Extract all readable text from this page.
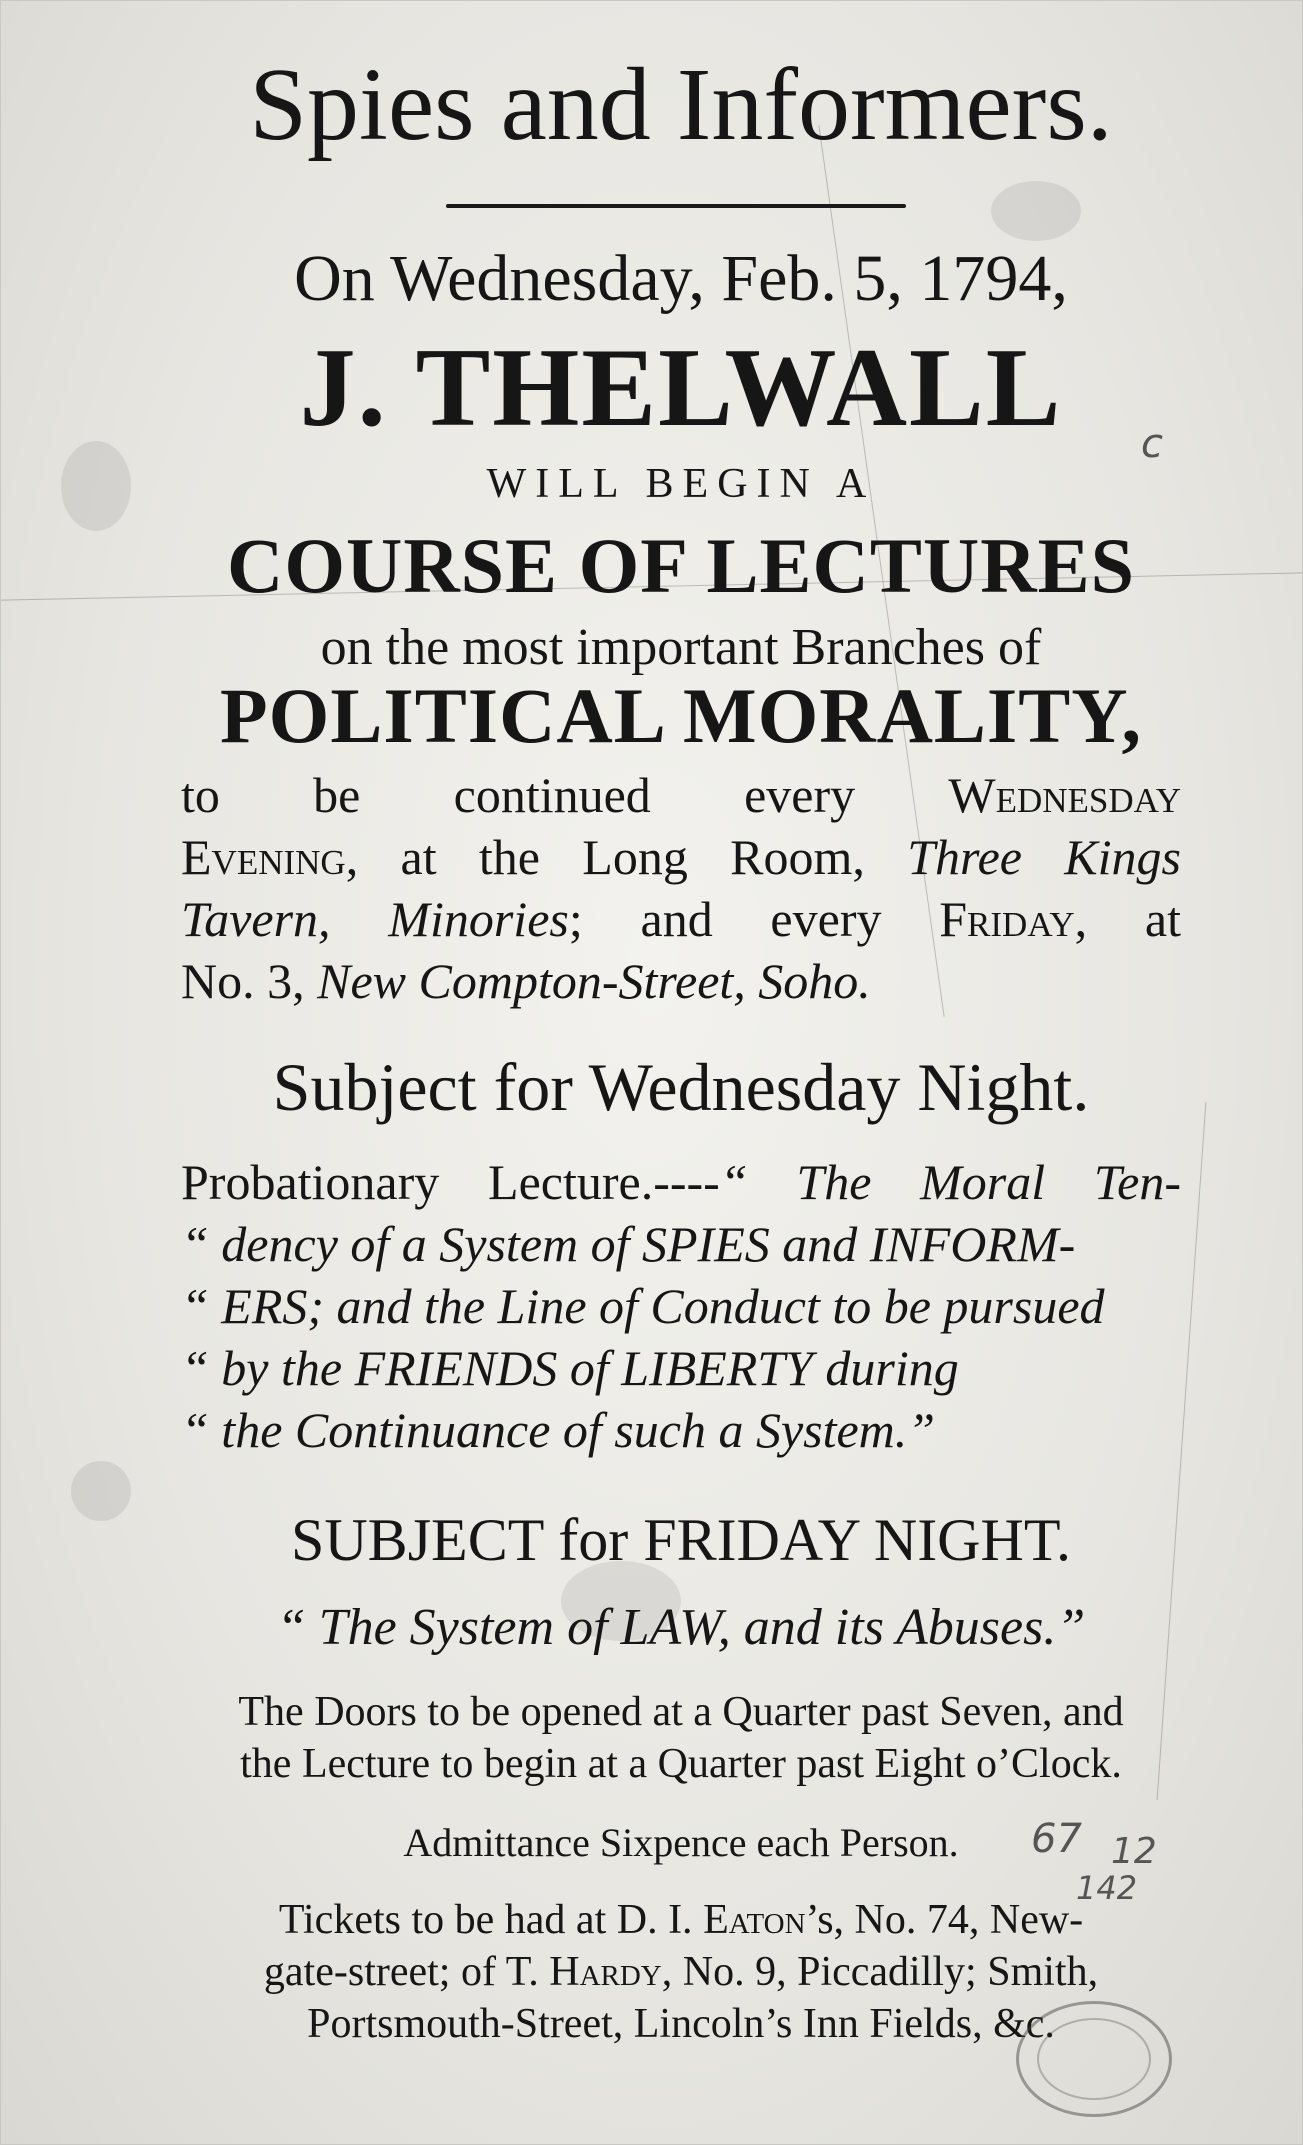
Spies and Informers.
On Wednesday, Feb. 5, 1794,
J. THELWALL
WILL BEGIN A
COURSE OF LECTURES
on the most important Branches of
POLITICAL MORALITY,
to be continued every Wednesday
Evening, at the Long Room, Three Kings
Tavern, Minories; and every Friday, at
No. 3, New Compton-Street, Soho.
Subject for Wednesday Night.
Probationary Lecture.----“ The Moral Ten-
“ dency of a System of SPIES and INFORM-
“ ERS; and the Line of Conduct to be pursued
“ by the FRIENDS of LIBERTY during
“ the Continuance of such a System.”
SUBJECT for FRIDAY NIGHT.
“ The System of LAW, and its Abuses.”
The Doors to be opened at a Quarter past Seven, and
the Lecture to begin at a Quarter past Eight o’Clock.
Admittance Sixpence each Person.
Tickets to be had at D. I. Eaton’s, No. 74, New-
gate-street; of T. Hardy, No. 9, Piccadilly; Smith,
Portsmouth-Street, Lincoln’s Inn Fields, &c.
c
67 12
142
